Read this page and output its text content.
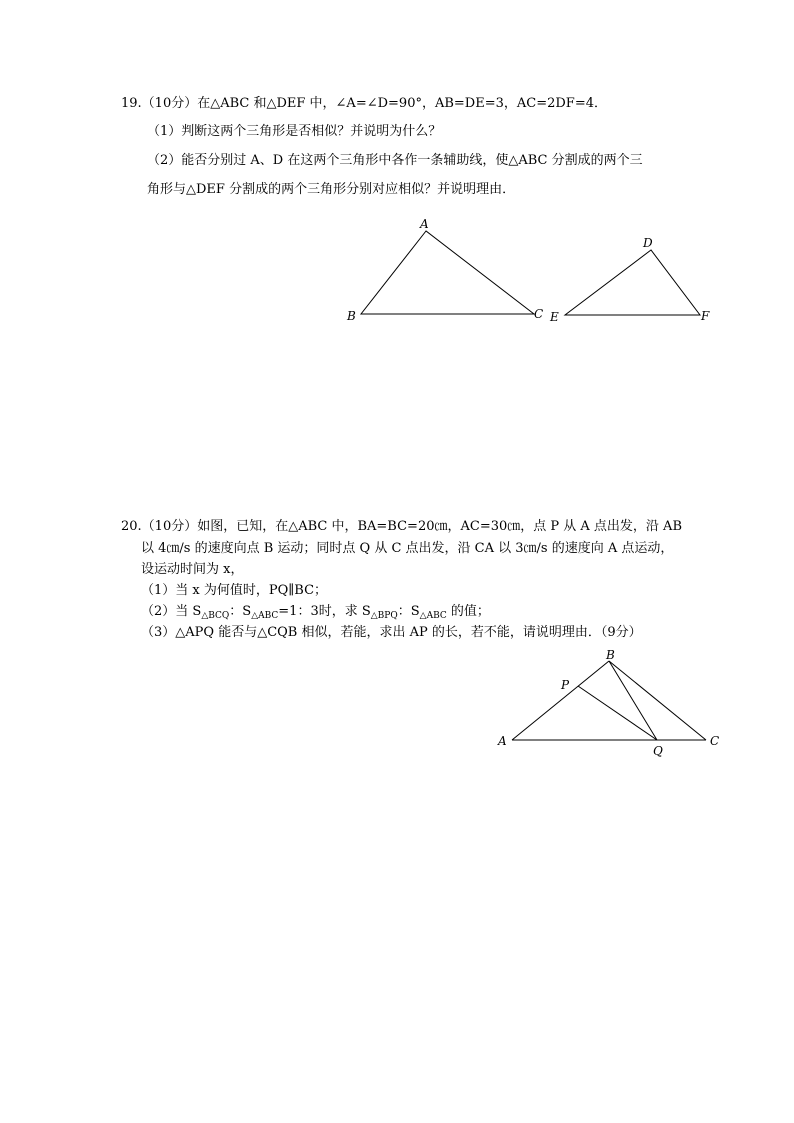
19.（10分）在△ABC 和△DEF 中，∠A=∠D=90°，AB=DE=3，AC=2DF=4．
（1）判断这两个三角形是否相似？并说明为什么？
（2）能否分别过 A、D 在这两个三角形中各作一条辅助线，使△ABC 分割成的两个三
角形与△DEF 分割成的两个三角形分别对应相似？并说明理由．
A
B	C
D
E	F
20.（10分）如图，已知，在△ABC 中，BA=BC=20㎝，AC=30㎝，点 P 从 A 点出发，沿 AB
以 4㎝/s 的速度向点 B 运动；同时点 Q 从 C 点出发，沿 CA 以 3㎝/s 的速度向 A 点运动，
设运动时间为 x，
（1）当 x 为何值时，PQ∥BC；
（2）当 $S_{\triangle BCQ}$：$S_{\triangle ABC}=1$：3时，求 $S_{\triangle BPQ}$：$S_{\triangle ABC}$ 的值；
（3）△APQ 能否与△CQB 相似，若能，求出 AP 的长，若不能，请说明理由．（9分）
A
B
C
P
Q
